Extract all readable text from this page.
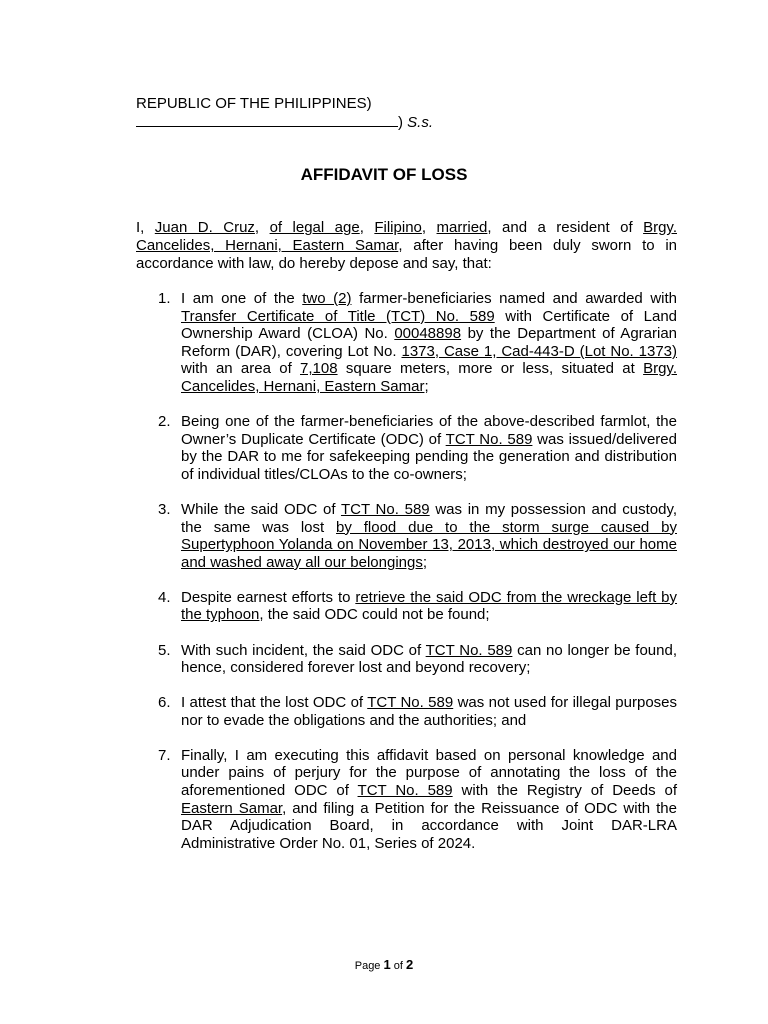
REPUBLIC OF THE PHILIPPINES)
) S.s.
AFFIDAVIT OF LOSS
I, Juan D. Cruz, of legal age, Filipino, married, and a resident of Brgy. Cancelides, Hernani, Eastern Samar, after having been duly sworn to in accordance with law, do hereby depose and say, that:
1. I am one of the two (2) farmer-beneficiaries named and awarded with Transfer Certificate of Title (TCT) No. 589 with Certificate of Land Ownership Award (CLOA) No. 00048898 by the Department of Agrarian Reform (DAR), covering Lot No. 1373, Case 1, Cad-443-D (Lot No. 1373) with an area of 7,108 square meters, more or less, situated at Brgy. Cancelides, Hernani, Eastern Samar;
2. Being one of the farmer-beneficiaries of the above-described farmlot, the Owner’s Duplicate Certificate (ODC) of TCT No. 589 was issued/delivered by the DAR to me for safekeeping pending the generation and distribution of individual titles/CLOAs to the co-owners;
3. While the said ODC of TCT No. 589 was in my possession and custody, the same was lost by flood due to the storm surge caused by Supertyphoon Yolanda on November 13, 2013, which destroyed our home and washed away all our belongings;
4. Despite earnest efforts to retrieve the said ODC from the wreckage left by the typhoon, the said ODC could not be found;
5. With such incident, the said ODC of TCT No. 589 can no longer be found, hence, considered forever lost and beyond recovery;
6. I attest that the lost ODC of TCT No. 589 was not used for illegal purposes nor to evade the obligations and the authorities; and
7. Finally, I am executing this affidavit based on personal knowledge and under pains of perjury for the purpose of annotating the loss of the aforementioned ODC of TCT No. 589 with the Registry of Deeds of Eastern Samar, and filing a Petition for the Reissuance of ODC with the DAR Adjudication Board, in accordance with Joint DAR-LRA Administrative Order No. 01, Series of 2024.
Page 1 of 2
